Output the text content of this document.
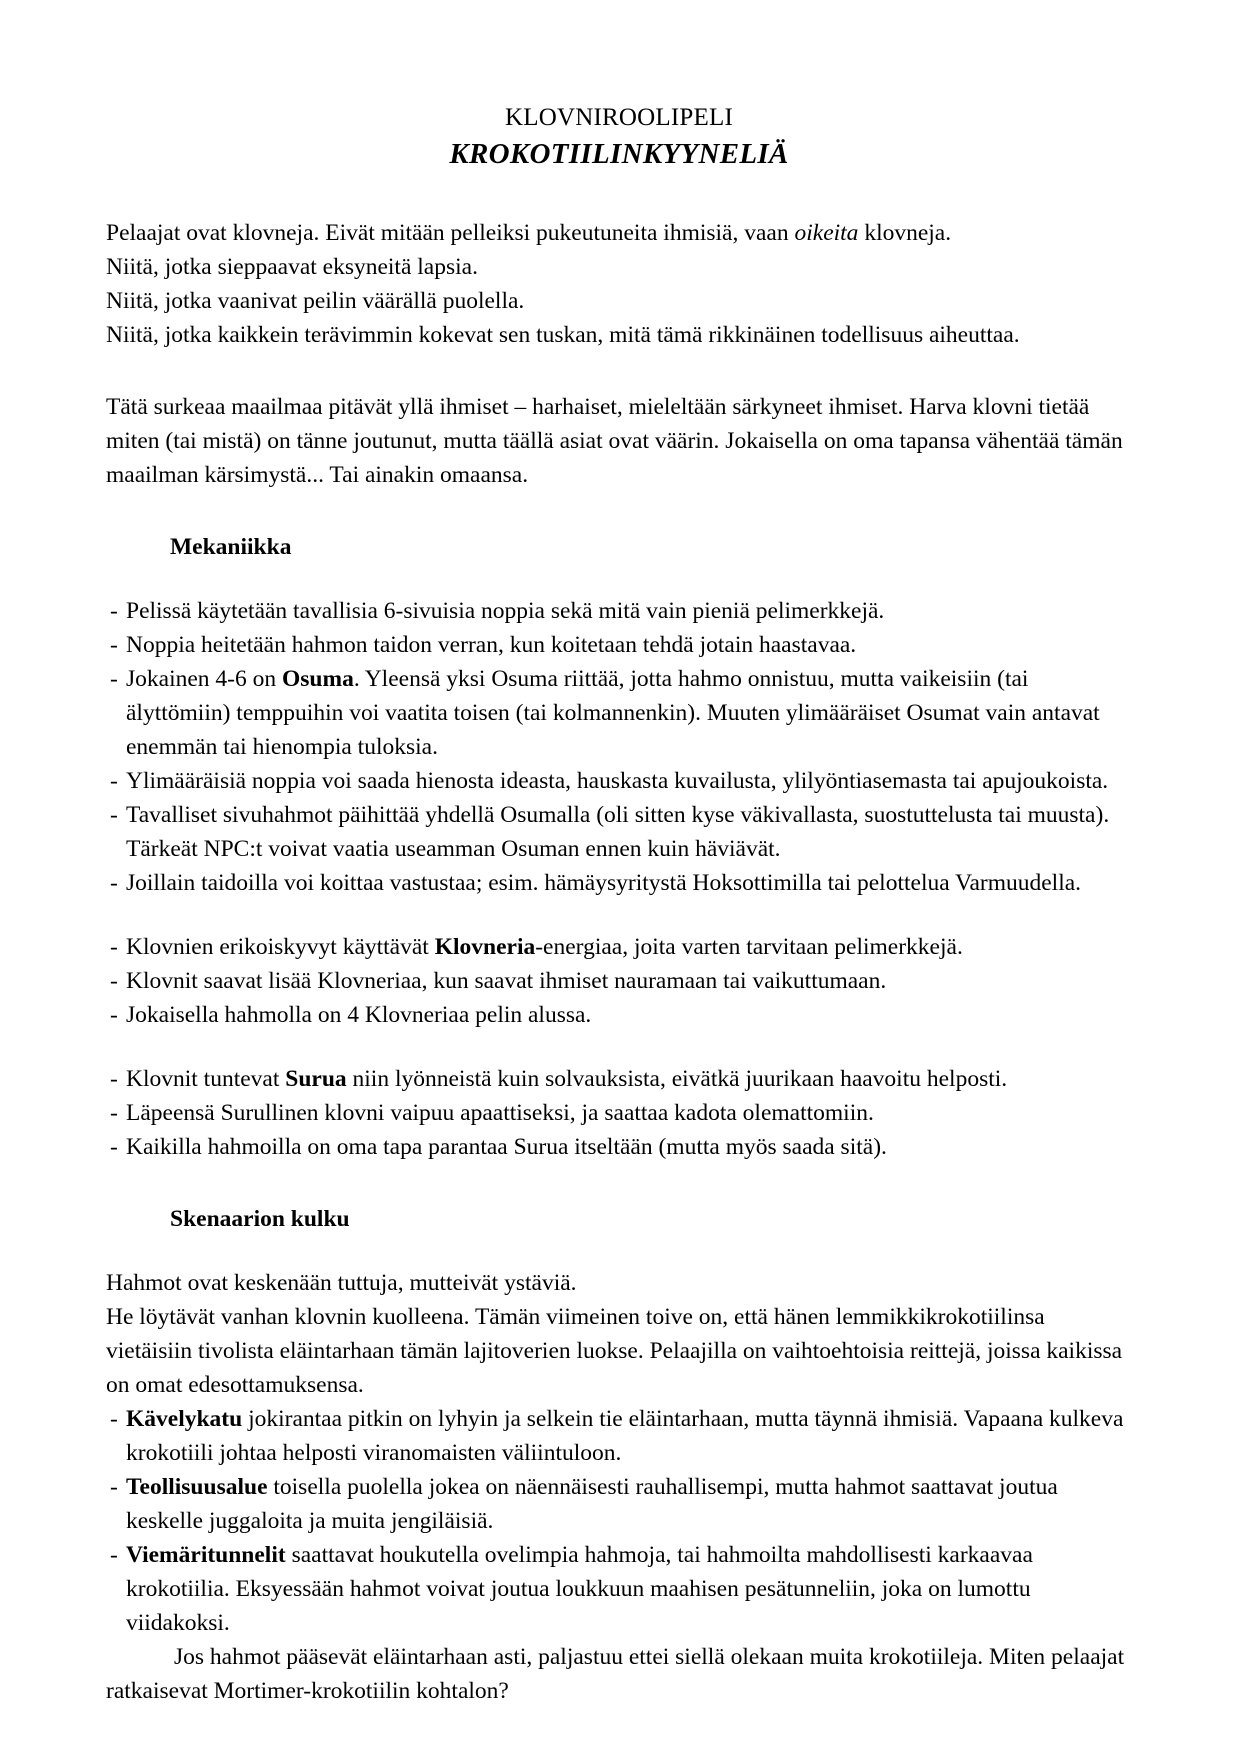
KLOVNIROOLIPELI
KROKOTIILINKYYNELIÄ

Pelaajat ovat klovneja. Eivät mitään pelleiksi pukeutuneita ihmisiä, vaan oikeita klovneja.

Niitä, jotka sieppaavat eksyneitä lapsia.

Niitä, jotka vaanivat peilin väärällä puolella.

Niitä, jotka kaikkein terävimmin kokevat sen tuskan, mitä tämä rikkinäinen todellisuus aiheuttaa.

Tätä surkeaa maailmaa pitävät yllä ihmiset – harhaiset, mieleltään särkyneet ihmiset. Harva klovni tietää miten (tai mistä) on tänne joutunut, mutta täällä asiat ovat väärin. Jokaisella on oma tapansa vähentää tämän maailman kärsimystä... Tai ainakin omaansa.

Mekaniikka
- Pelissä käytetään tavallisia 6-sivuisia noppia sekä mitä vain pieniä pelimerkkejä.
- Noppia heitetään hahmon taidon verran, kun koitetaan tehdä jotain haastavaa.
- Jokainen 4-6 on Osuma. Yleensä yksi Osuma riittää, jotta hahmo onnistuu, mutta vaikeisiin (tai älyttömiin) temppuihin voi vaatita toisen (tai kolmannenkin). Muuten ylimääräiset Osumat vain antavat enemmän tai hienompia tuloksia.
- Ylimääräisiä noppia voi saada hienosta ideasta, hauskasta kuvailusta, ylilyöntiasemasta tai apujoukoista.
- Tavalliset sivuhahmot päihittää yhdellä Osumalla (oli sitten kyse väkivallasta, suostuttelusta tai muusta). Tärkeät NPC:t voivat vaatia useamman Osuman ennen kuin häviävät.
- Joillain taidoilla voi koittaa vastustaa; esim. hämäysyritystä Hoksottimilla tai pelottelua Varmuudella.
- Klovnien erikoiskyvyt käyttävät Klovneria-energiaa, joita varten tarvitaan pelimerkkejä.
- Klovnit saavat lisää Klovneriaa, kun saavat ihmiset nauramaan tai vaikuttumaan.
- Jokaisella hahmolla on 4 Klovneriaa pelin alussa.
- Klovnit tuntevat Surua niin lyönneistä kuin solvauksista, eivätkä juurikaan haavoitu helposti.
- Läpeensä Surullinen klovni vaipuu apaattiseksi, ja saattaa kadota olemattomiin.
- Kaikilla hahmoilla on oma tapa parantaa Surua itseltään (mutta myös saada sitä).
Skenaarion kulku

Hahmot ovat keskenään tuttuja, mutteivät ystäviä.

He löytävät vanhan klovnin kuolleena. Tämän viimeinen toive on, että hänen lemmikkikrokotiilinsa vietäisiin tivolista eläintarhaan tämän lajitoverien luokse. Pelaajilla on vaihtoehtoisia reittejä, joissa kaikissa on omat edesottamuksensa.

- Kävelykatu jokirantaa pitkin on lyhyin ja selkein tie eläintarhaan, mutta täynnä ihmisiä. Vapaana kulkeva krokotiili johtaa helposti viranomaisten väliintuloon.
- Teollisuusalue toisella puolella jokea on näennäisesti rauhallisempi, mutta hahmot saattavat joutua keskelle juggaloita ja muita jengiläisiä.
- Viemäritunnelit saattavat houkutella ovelimpia hahmoja, tai hahmoilta mahdollisesti karkaavaa krokotiilia. Eksyessään hahmot voivat joutua loukkuun maahisen pesätunneliin, joka on lumottu viidakoksi.

Jos hahmot pääsevät eläintarhaan asti, paljastuu ettei siellä olekaan muita krokotiileja. Miten pelaajat ratkaisevat Mortimer-krokotiilin kohtalon?
